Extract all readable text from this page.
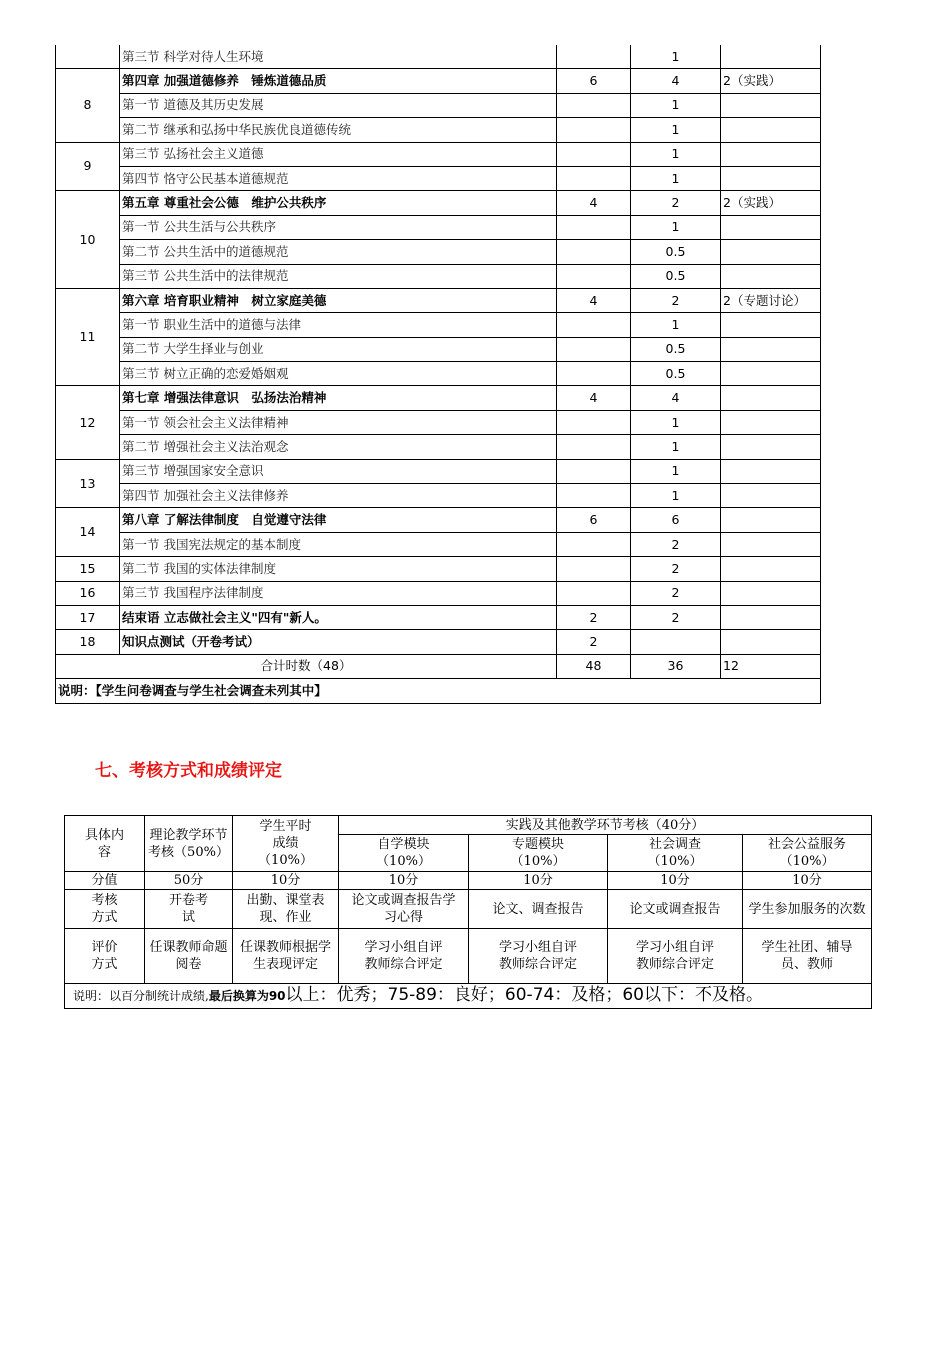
	第三节 科学对待人生环境		1	
8	第四章 加强道德修养　锤炼道德品质	6	4	2（实践）
	第一节 道德及其历史发展		1	
	第二节 继承和弘扬中华民族优良道德传统		1	
9	第三节 弘扬社会主义道德		1	
	第四节 恪守公民基本道德规范		1	
10	第五章 尊重社会公德　维护公共秩序	4	2	2（实践）
	第一节 公共生活与公共秩序		1	
	第二节 公共生活中的道德规范		0.5	
	第三节 公共生活中的法律规范		0.5	
11	第六章 培育职业精神　树立家庭美德	4	2	2（专题讨论）
	第一节 职业生活中的道德与法律		1	
	第二节 大学生择业与创业		0.5	
	第三节 树立正确的恋爱婚姻观		0.5	
12	第七章 增强法律意识　弘扬法治精神	4	4	
	第一节 领会社会主义法律精神		1	
	第二节 增强社会主义法治观念		1	
13	第三节 增强国家安全意识		1	
	第四节 加强社会主义法律修养		1	
14	第八章 了解法律制度　自觉遵守法律	6	6	
	第一节 我国宪法规定的基本制度		2	
15	第二节 我国的实体法律制度		2	
16	第三节 我国程序法律制度		2	
17	结束语 立志做社会主义"四有"新人。	2	2	
18	知识点测试（开卷考试）	2		
合计时数（48）		48	36	12
说明：【学生问卷调查与学生社会调查未列其中】				
七、考核方式和成绩评定
具体内容	理论教学环节考核（50%）	学生平时成绩（10%）	实践及其他教学环节考核（40分）			
			自学模块（10%）	专题模块（10%）	社会调查（10%）	社会公益服务（10%）
分值	50分	10分	10分	10分	10分	10分
考核方式	开卷考试	出勤、课堂表现、作业	论文或调查报告学习心得	论文、调查报告	论文或调查报告	学生参加服务的次数
评价方式	任课教师命题阅卷	任课教师根据学生表现评定	学习小组自评教师综合评定	学习小组自评教师综合评定	学习小组自评教师综合评定	学生社团、辅导员、教师
说明：以百分制统计成绩,最后换算为90以上：优秀；75-89：良好；60-74：及格；60以下：不及格。						
